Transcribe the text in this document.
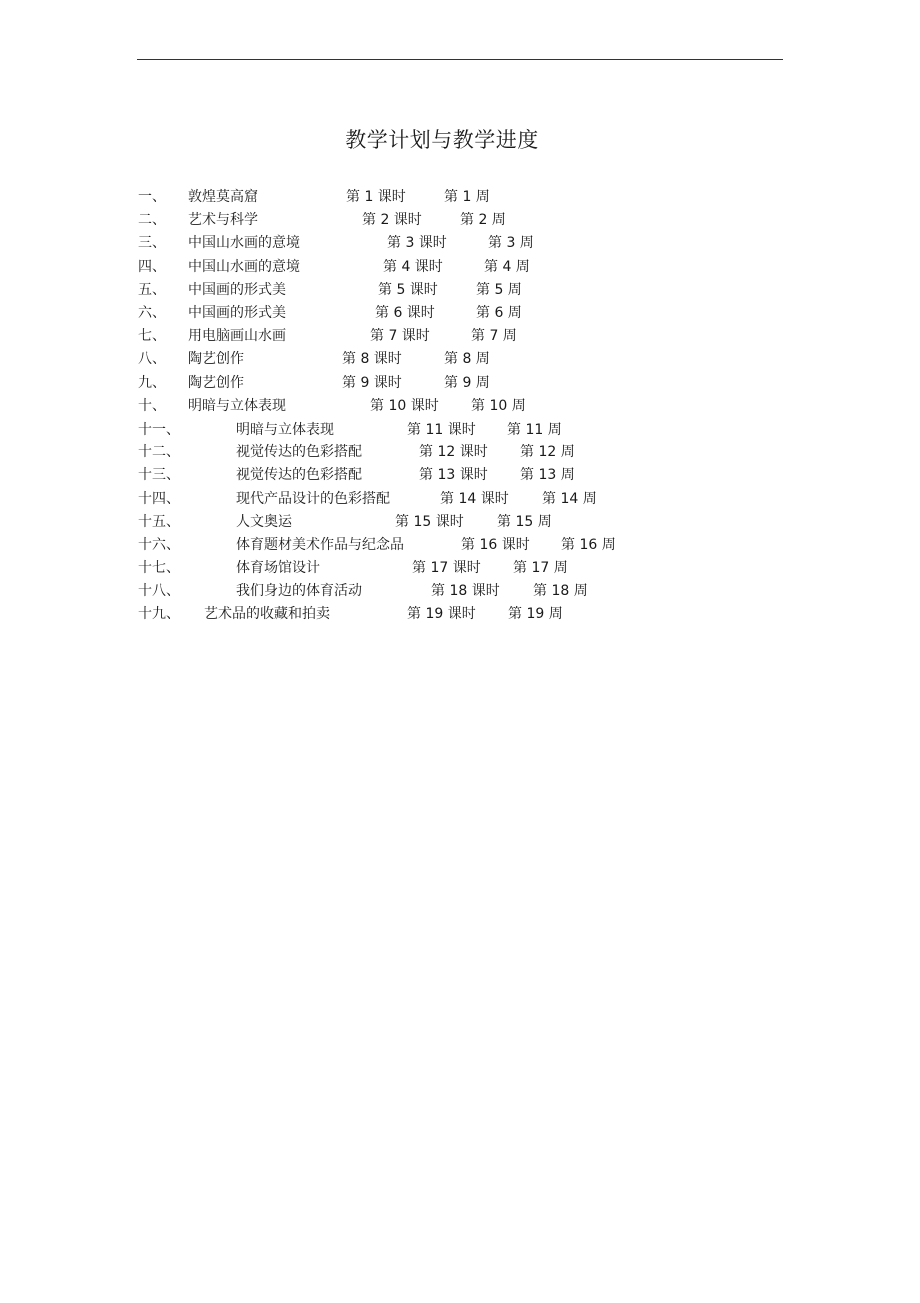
教学计划与教学进度
一、 敦煌莫高窟	第 1 课时	第 1 周
二、 艺术与科学	第 2 课时	第 2 周
三、 中国山水画的意境	第 3 课时	第 3 周
四、 中国山水画的意境	第 4 课时	第 4 周
五、 中国画的形式美	第 5 课时	第 5 周
六、 中国画的形式美	第 6 课时	第 6 周
七、 用电脑画山水画	第 7 课时	第 7 周
八、 陶艺创作	第 8 课时	第 8 周
九、 陶艺创作	第 9 课时	第 9 周
十、 明暗与立体表现	第 10 课时 第 10 周
十一、	明暗与立体表现	第 11 课时 第 11 周
十二、	视觉传达的色彩搭配	第 12 课时 第 12 周
十三、	视觉传达的色彩搭配	第 13 课时 第 13 周
十四、	现代产品设计的色彩搭配	第 14 课时 第 14 周
十五、	人文奥运	第 15 课时 第 15 周
十六、	体育题材美术作品与纪念品	第 16 课时 第 16 周
十七、	体育场馆设计	第 17 课时 第 17 周
十八、	我们身边的体育活动	第 18 课时 第 18 周
十九、 艺术品的收藏和拍卖	第 19 课时 第 19 周
